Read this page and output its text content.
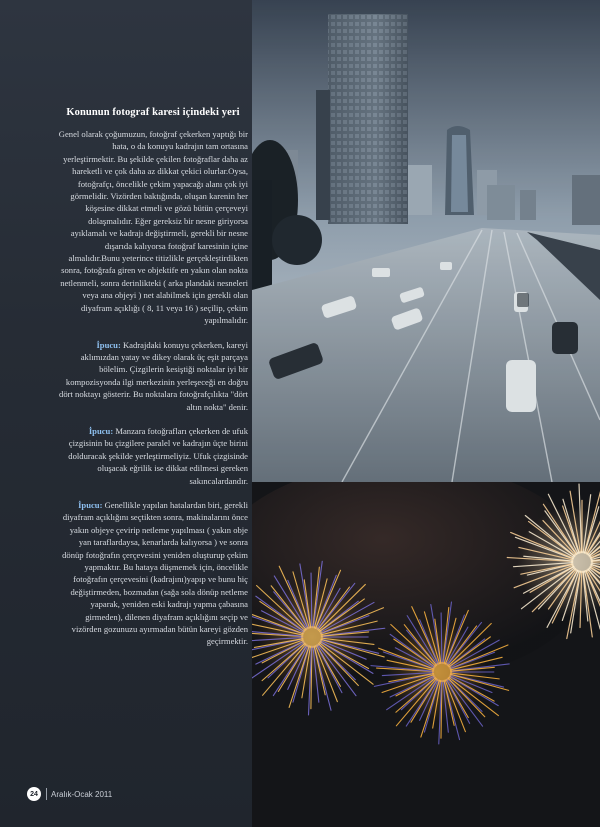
Konunun fotograf karesi içindeki yeri

Genel olarak çoğumuzun, fotoğraf çekerken yaptığı bir hata, o da konuyu kadrajın tam ortasına yerleştirmektir. Bu şekilde çekilen fotoğraflar daha az hareketli ve çok daha az dikkat çekici olurlar.Oysa, fotoğrafçı, öncelikle çekim yapacağı alanı çok iyi görmelidir. Vizörden baktığında, oluşan karenin her köşesine dikkat etmeli ve gözü bütün çerçeveyi dolaşmalıdır. Eğer gereksiz bir nesne giriyorsa ayıklamalı ve kadrajı değiştirmeli, gerekli bir nesne dışarıda kalıyorsa fotoğraf karesinin içine almalıdır.Bunu yeterince titizlikle gerçekleştirdikten sonra, fotoğrafa giren ve objektife en yakın olan nokta netlenmeli, sonra derinlikteki ( arka plandaki nesneleri veya ana objeyi ) net alabilmek için gerekli olan diyafram açıklığı ( 8, 11 veya 16 ) seçilip, çekim yapılmalıdır.

İpucu: Kadrajdaki konuyu çekerken, kareyi aklımızdan yatay ve dikey olarak üç eşit parçaya bölelim. Çizgilerin kesiştiği noktalar iyi bir kompozisyonda ilgi merkezinin yerleşeceği en doğru dört noktayı gösterir. Bu noktalara fotoğrafçılıkta "dört altın nokta" denir.

İpucu: Manzara fotoğrafları çekerken de ufuk çizgisinin bu çizgilere paralel ve kadrajın üçte birini dolduracak şekilde yerleştirmeliyiz. Ufuk çizgisinde oluşacak eğrilik ise dikkat edilmesi gereken sakıncalardandır.

İpucu: Genellikle yapılan hatalardan biri, gerekli diyafram açıklığını seçtikten sonra, makinalarını önce yakın objeye çevirip netleme yapılması ( yakın obje yan taraflardaysa, kenarlarda kalıyorsa ) ve sonra dönüp fotoğrafın çerçevesini yeniden oluşturup çekim yapmaktır. Bu hataya düşmemek için, öncelikle fotoğrafın çerçevesini (kadrajını)yapıp ve bunu hiç değiştirmeden, bozmadan (sağa sola dönüp netleme yaparak, yeniden eski kadrajı yapma çabasına girmeden), dilenen diyafram açıklığını seçip ve vizörden gozunuzu ayırmadan bütün kareyi gözden geçirmektir.

24	Aralık-Ocak 2011
